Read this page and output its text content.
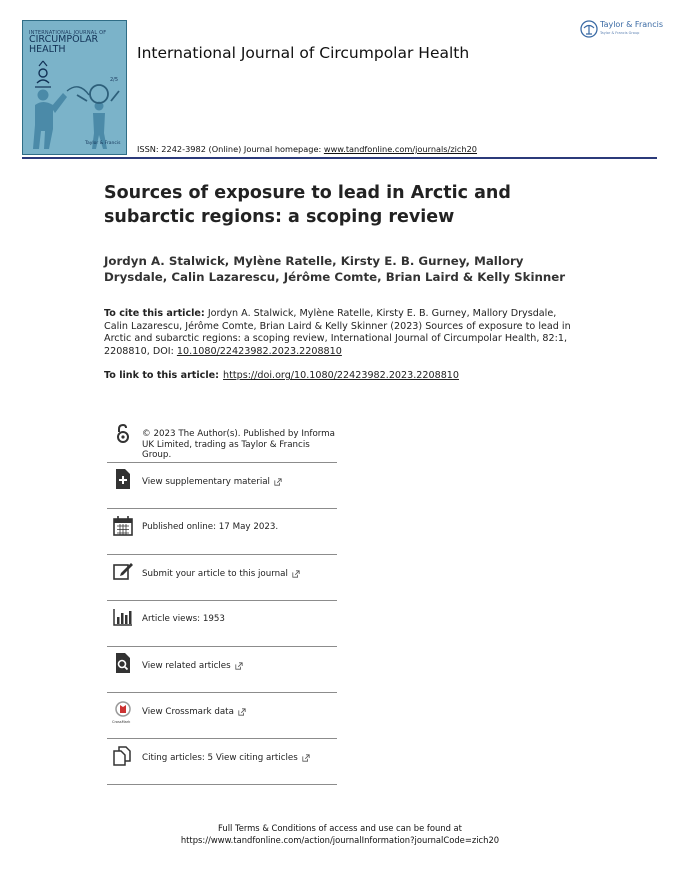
INTERNATIONAL JOURNAL OF
CIRCUMPOLAR
HEALTH
2/5
Taylor & Francis
International Journal of Circumpolar Health
Taylor & Francis
Taylor & Francis Group
ISSN: 2242-3982 (Online) Journal homepage: www.tandfonline.com/journals/zich20
Sources of exposure to lead in Arctic and subarctic regions: a scoping review
Jordyn A. Stalwick, Mylène Ratelle, Kirsty E. B. Gurney, Mallory Drysdale, Calin Lazarescu, Jérôme Comte, Brian Laird & Kelly Skinner
To cite this article: Jordyn A. Stalwick, Mylène Ratelle, Kirsty E. B. Gurney, Mallory Drysdale, Calin Lazarescu, Jérôme Comte, Brian Laird & Kelly Skinner (2023) Sources of exposure to lead in Arctic and subarctic regions: a scoping review, International Journal of Circumpolar Health, 82:1, 2208810, DOI: 10.1080/22423982.2023.2208810
To link to this article: https://doi.org/10.1080/22423982.2023.2208810
© 2023 The Author(s). Published by Informa UK Limited, trading as Taylor & Francis Group.
View supplementary material
Published online: 17 May 2023.
Submit your article to this journal
Article views: 1953
View related articles
CrossMark
View Crossmark data
Citing articles: 5 View citing articles
Full Terms & Conditions of access and use can be found at
https://www.tandfonline.com/action/journalInformation?journalCode=zich20
